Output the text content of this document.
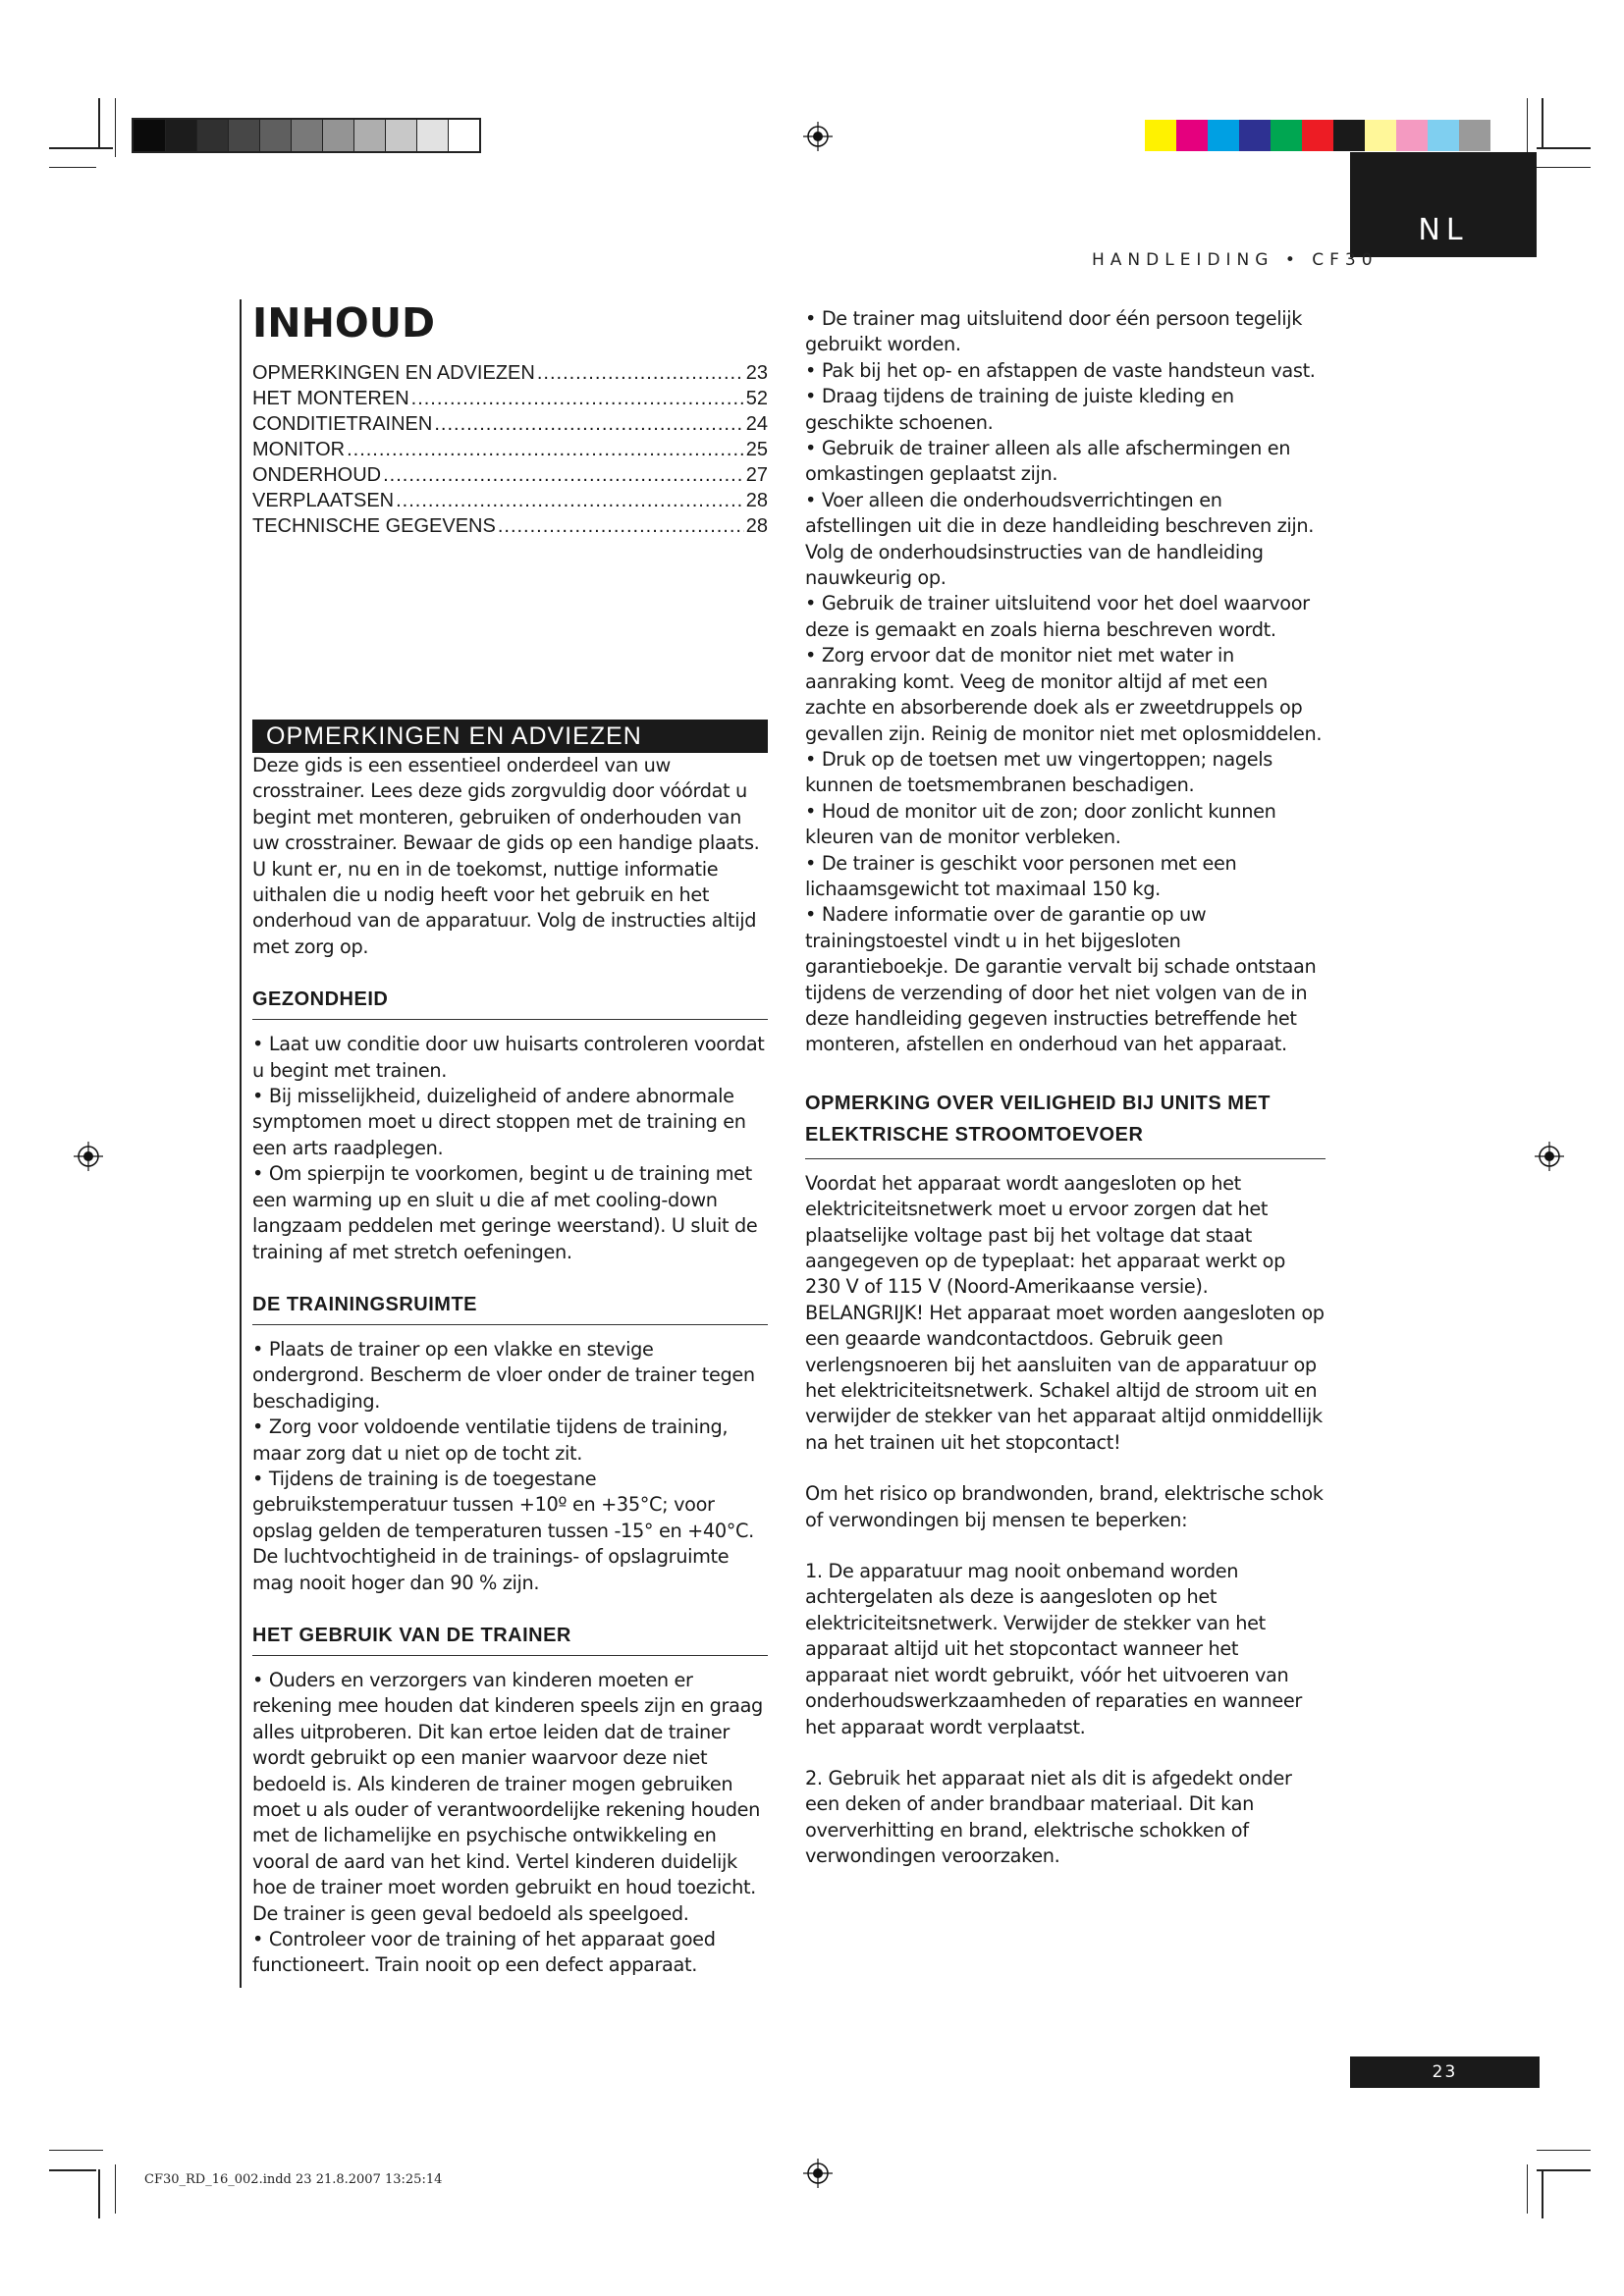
NL
HANDLEIDING • CF30
INHOUD
OPMERKINGEN EN ADVIEZEN .....	23
HET MONTEREN .....	52
CONDITIETRAINEN .....	24
MONITOR .....	25
ONDERHOUD .....	27
VERPLAATSEN .....	28
TECHNISCHE GEGEVENS .....	28
OPMERKINGEN EN ADVIEZEN

Deze gids is een essentieel onderdeel van uw crosstrainer. Lees deze gids zorgvuldig door vóórdat u begint met monteren, gebruiken of onderhouden van uw crosstrainer. Bewaar de gids op een handige plaats. U kunt er, nu en in de toekomst, nuttige informatie uithalen die u nodig heeft voor het gebruik en het onderhoud van de apparatuur. Volg de instructies altijd met zorg op.

GEZONDHEID
• Laat uw conditie door uw huisarts controleren voordat u begint met trainen.
• Bij misselijkheid, duizeligheid of andere abnormale symptomen moet u direct stoppen met de training en een arts raadplegen.
• Om spierpijn te voorkomen, begint u de training met een warming up en sluit u die af met cooling-down langzaam peddelen met geringe weerstand). U sluit de training af met stretch oefeningen.
DE TRAININGSRUIMTE
• Plaats de trainer op een vlakke en stevige ondergrond. Bescherm de vloer onder de trainer tegen beschadiging.
• Zorg voor voldoende ventilatie tijdens de training, maar zorg dat u niet op de tocht zit.
• Tijdens de training is de toegestane gebruikstemperatuur tussen +10º en +35°C; voor opslag gelden de temperaturen tussen -15° en +40°C. De luchtvochtigheid in de trainings- of opslagruimte mag nooit hoger dan 90 % zijn.
HET GEBRUIK VAN DE TRAINER
• Ouders en verzorgers van kinderen moeten er rekening mee houden dat kinderen speels zijn en graag alles uitproberen. Dit kan ertoe leiden dat de trainer wordt gebruikt op een manier waarvoor deze niet bedoeld is. Als kinderen de trainer mogen gebruiken moet u als ouder of verantwoordelijke rekening houden met de lichamelijke en psychische ontwikkeling en vooral de aard van het kind. Vertel kinderen duidelijk hoe de trainer moet worden gebruikt en houd toezicht. De trainer is geen geval bedoeld als speelgoed.
• Controleer voor de training of het apparaat goed functioneert. Train nooit op een defect apparaat.
• De trainer mag uitsluitend door één persoon tegelijk gebruikt worden.
• Pak bij het op- en afstappen de vaste handsteun vast.
• Draag tijdens de training de juiste kleding en geschikte schoenen.
• Gebruik de trainer alleen als alle afschermingen en omkastingen geplaatst zijn.
• Voer alleen die onderhoudsverrichtingen en afstellingen uit die in deze handleiding beschreven zijn. Volg de onderhoudsinstructies van de handleiding nauwkeurig op.
• Gebruik de trainer uitsluitend voor het doel waarvoor deze is gemaakt en zoals hierna beschreven wordt.
• Zorg ervoor dat de monitor niet met water in aanraking komt. Veeg de monitor altijd af met een zachte en absorberende doek als er zweetdruppels op gevallen zijn. Reinig de monitor niet met oplosmiddelen.
• Druk op de toetsen met uw vingertoppen; nagels kunnen de toetsmembranen beschadigen.
• Houd de monitor uit de zon; door zonlicht kunnen kleuren van de monitor verbleken.
• De trainer is geschikt voor personen met een lichaamsgewicht tot maximaal 150 kg.
• Nadere informatie over de garantie op uw trainingstoestel vindt u in het bijgesloten garantieboekje. De garantie vervalt bij schade ontstaan tijdens de verzending of door het niet volgen van de in deze handleiding gegeven instructies betreffende het monteren, afstellen en onderhoud van het apparaat.
OPMERKING OVER VEILIGHEID BIJ UNITS MET
ELEKTRISCHE STROOMTOEVOER

Voordat het apparaat wordt aangesloten op het elektriciteitsnetwerk moet u ervoor zorgen dat het plaatselijke voltage past bij het voltage dat staat aangegeven op de typeplaat: het apparaat werkt op 230 V of 115 V (Noord-Amerikaanse versie). BELANGRIJK! Het apparaat moet worden aangesloten op een geaarde wandcontactdoos. Gebruik geen verlengsnoeren bij het aansluiten van de apparatuur op het elektriciteitsnetwerk. Schakel altijd de stroom uit en verwijder de stekker van het apparaat altijd onmiddellijk na het trainen uit het stopcontact!

Om het risico op brandwonden, brand, elektrische schok of verwondingen bij mensen te beperken:

1. De apparatuur mag nooit onbemand worden achtergelaten als deze is aangesloten op het elektriciteitsnetwerk. Verwijder de stekker van het apparaat altijd uit het stopcontact wanneer het apparaat niet wordt gebruikt, vóór het uitvoeren van onderhoudswerkzaamheden of reparaties en wanneer het apparaat wordt verplaatst.

2. Gebruik het apparaat niet als dit is afgedekt onder een deken of ander brandbaar materiaal. Dit kan oververhitting en brand, elektrische schokken of verwondingen veroorzaken.

23
CF30_RD_16_002.indd 23 21.8.2007 13:25:14
